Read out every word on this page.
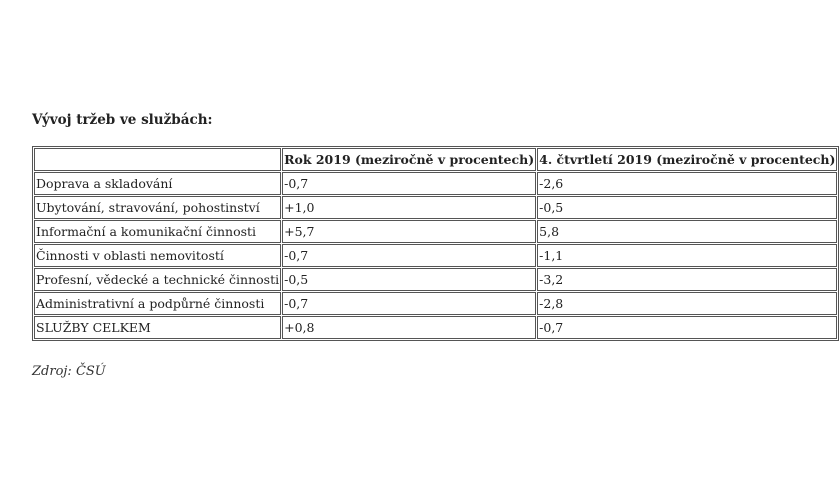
Vývoj tržeb ve službách:
	Rok 2019 (meziročně v procentech)	4. čtvrtletí 2019 (meziročně v procentech)
Doprava a skladování	-0,7	-2,6
Ubytování, stravování, pohostinství	+1,0	-0,5
Informační a komunikační činnosti	+5,7	5,8
Činnosti v oblasti nemovitostí	-0,7	-1,1
Profesní, vědecké a technické činnosti	-0,5	-3,2
Administrativní a podpůrné činnosti	-0,7	-2,8
SLUŽBY CELKEM	+0,8	-0,7
Zdroj: ČSÚ
